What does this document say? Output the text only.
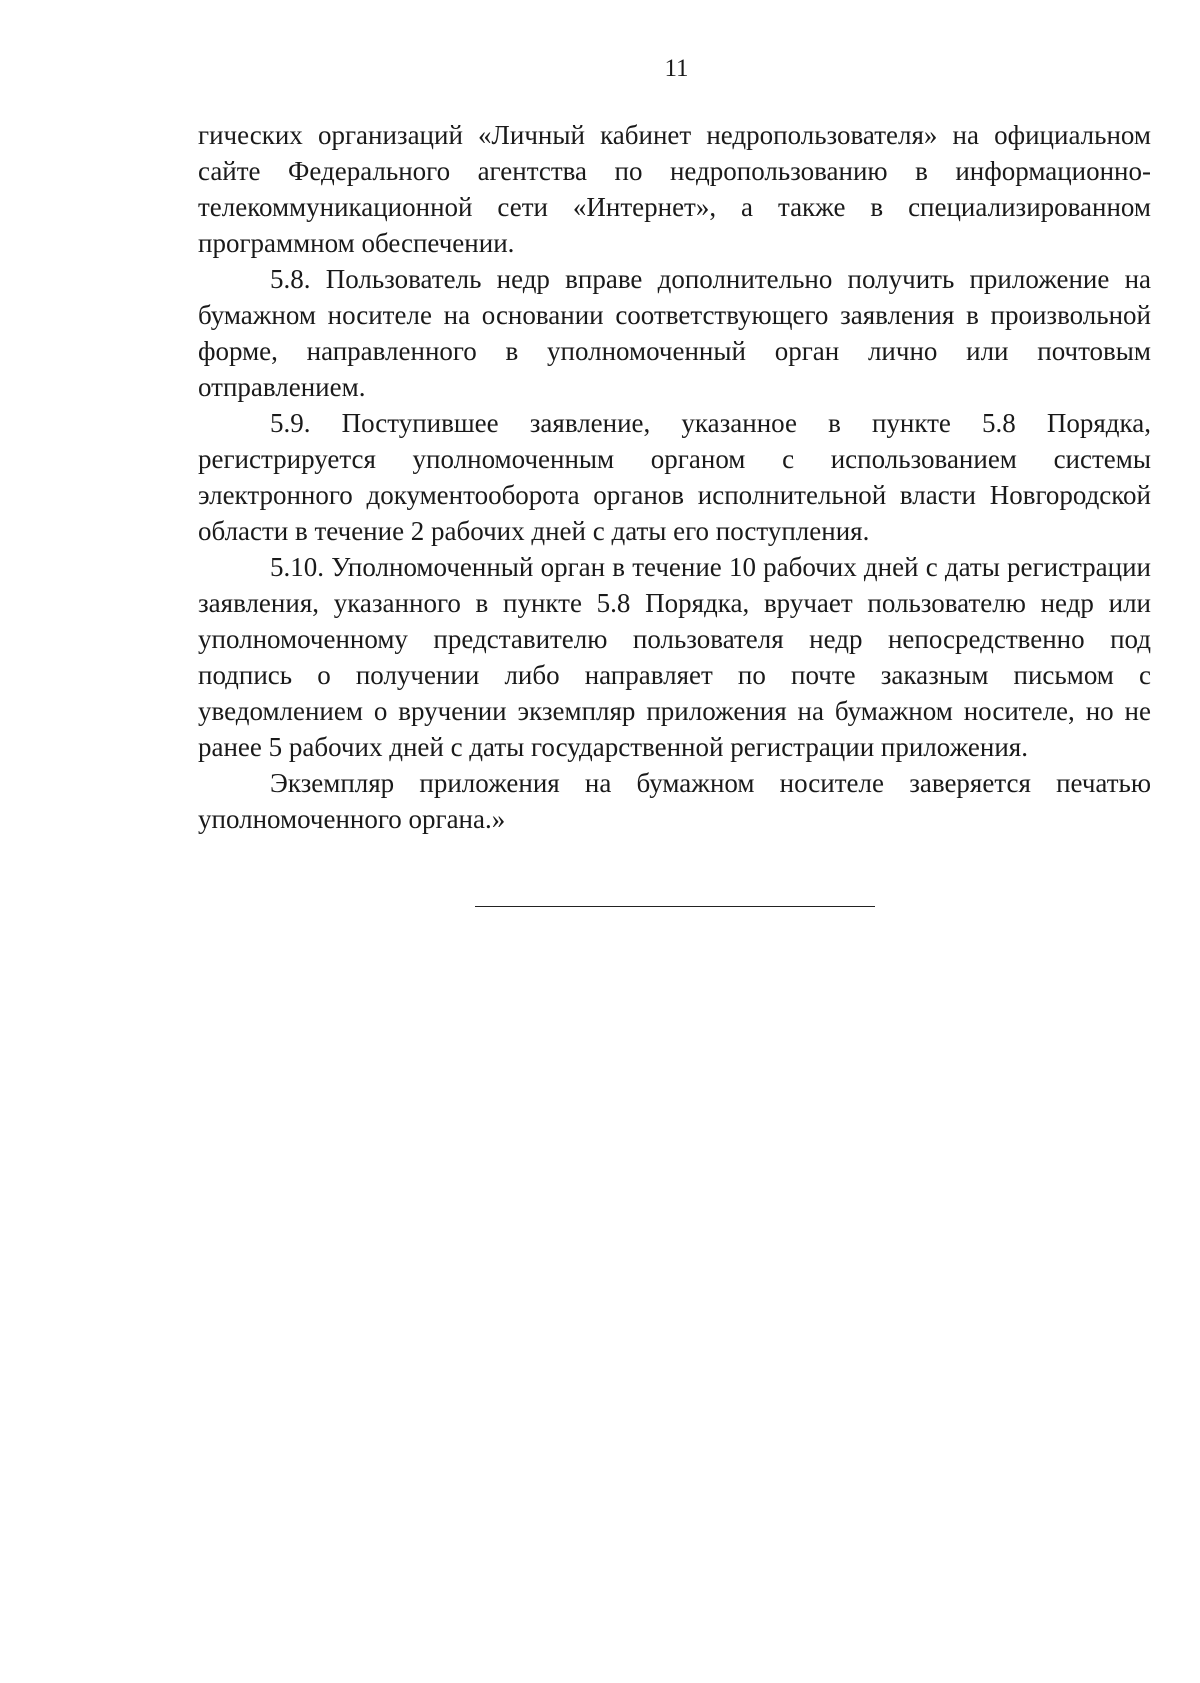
11

гических организаций «Личный кабинет недропользователя» на официальном сайте Федерального агентства по недропользованию в информационно-телекоммуникационной сети «Интернет», а также в специализированном программном обеспечении.

5.8. Пользователь недр вправе дополнительно получить приложение на бумажном носителе на основании соответствующего заявления в произвольной форме, направленного в уполномоченный орган лично или почтовым отправлением.

5.9. Поступившее заявление, указанное в пункте 5.8 Порядка, регистрируется уполномоченным органом с использованием системы электронного документооборота органов исполнительной власти Новгородской области в течение 2 рабочих дней с даты его поступления.

5.10. Уполномоченный орган в течение 10 рабочих дней с даты регистрации заявления, указанного в пункте 5.8 Порядка, вручает пользователю недр или уполномоченному представителю пользователя недр непосредственно под подпись о получении либо направляет по почте заказным письмом с уведомлением о вручении экземпляр приложения на бумажном носителе, но не ранее 5 рабочих дней с даты государственной регистрации приложения.

Экземпляр приложения на бумажном носителе заверяется печатью уполномоченного органа.»
